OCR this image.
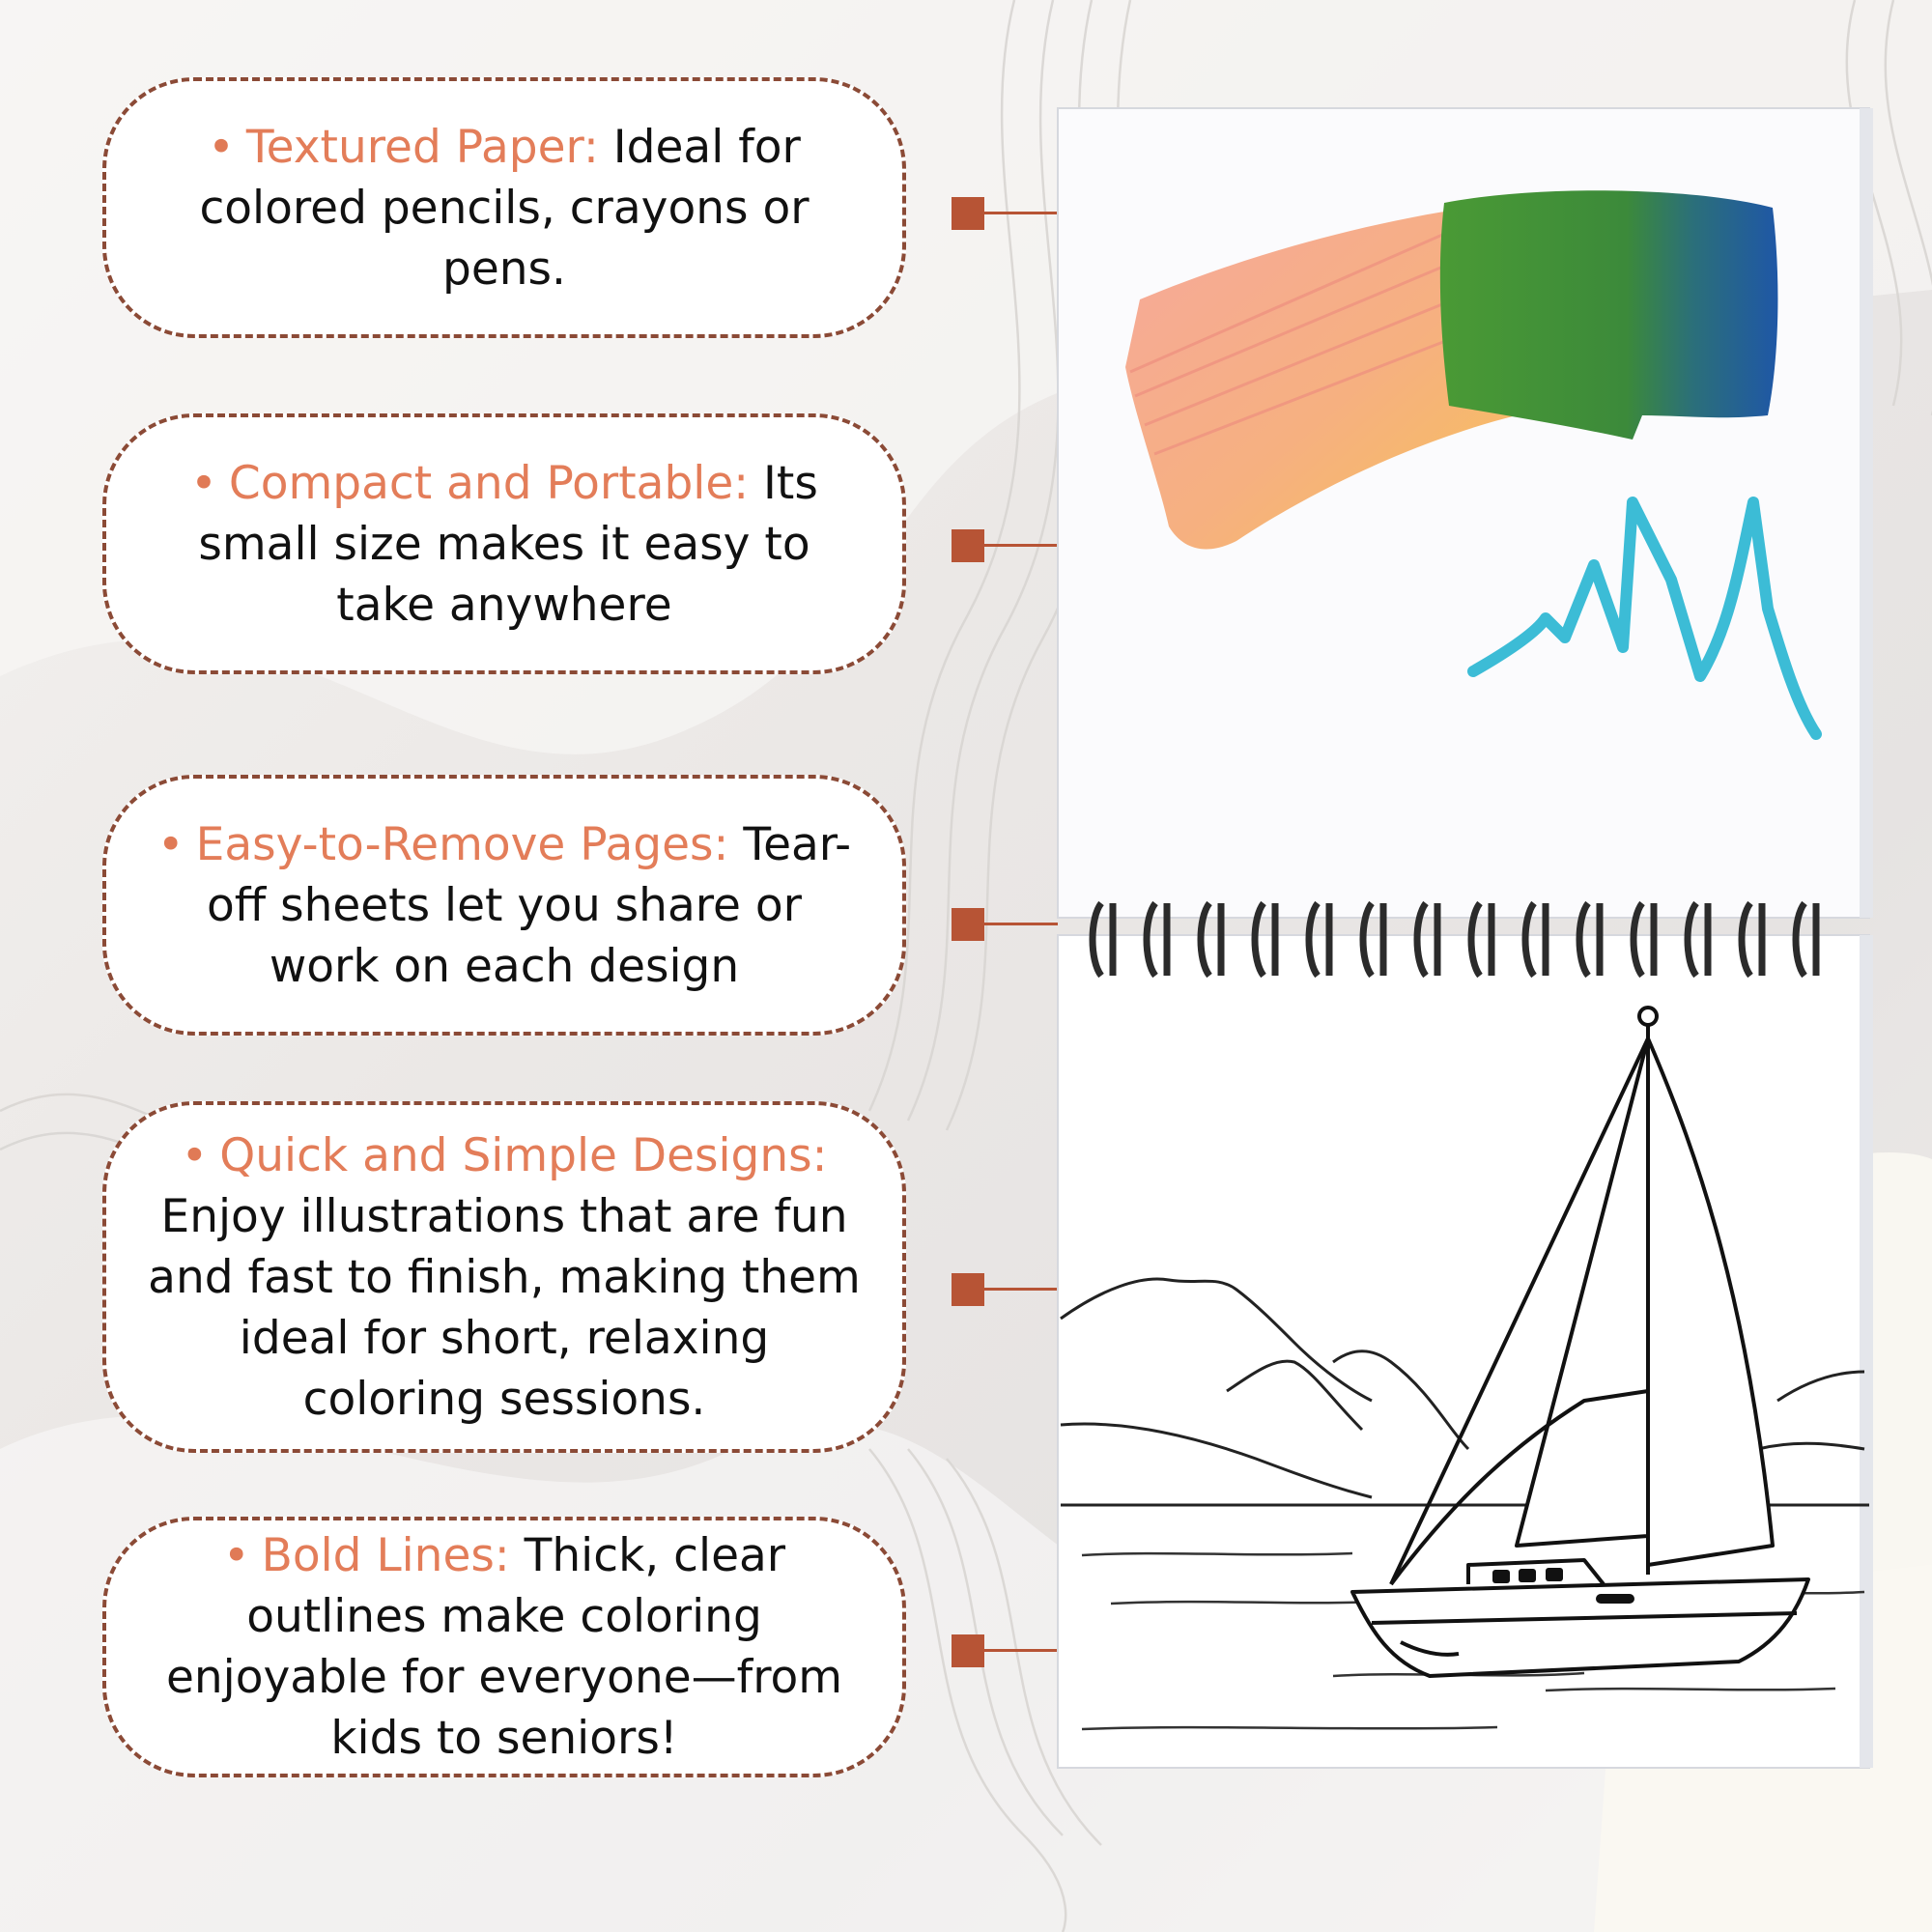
• Textured Paper: Ideal for colored pencils, crayons or pens.
• Compact and Portable: Its small size makes it easy to take anywhere
• Easy-to-Remove Pages: Tear-off sheets let you share or work on each design
• Quick and Simple Designs: Enjoy illustrations that are fun and fast to finish, making them ideal for short, relaxing coloring sessions.
• Bold Lines: Thick, clear outlines make coloring enjoyable for everyone—from kids to seniors!
